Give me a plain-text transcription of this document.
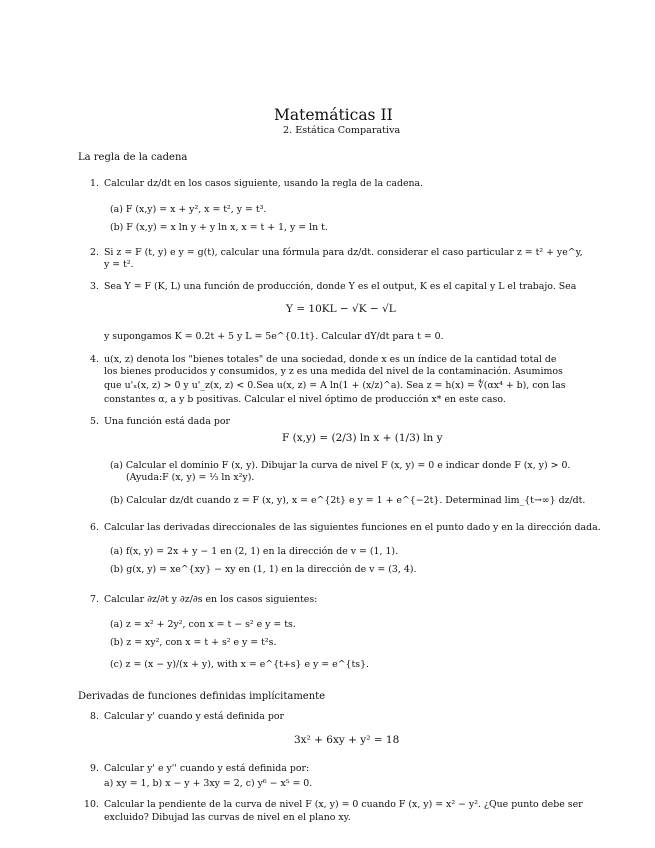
Matemáticas II
2. Estática Comparativa
La regla de la cadena
1. Calcular dz/dt en los casos siguiente, usando la regla de la cadena.
(a) F (x,y) = x + y², x = t², y = t³.
(b) F (x,y) = x ln y + y ln x, x = t + 1, y = ln t.
2. Si z = F (t, y) e y = g(t), calcular una fórmula para dz/dt. considerar el caso particular z = t² + ye^y,
y = t².
3. Sea Y = F (K, L) una función de producción, donde Y es el output, K es el capital y L el trabajo. Sea
Y = 10KL − √K − √L
y supongamos K = 0.2t + 5 y L = 5e^{0.1t}. Calcular dY/dt para t = 0.
4. u(x, z) denota los "bienes totales" de una sociedad, donde x es un índice de la cantidad total de
los bienes producidos y consumidos, y z es una medida del nivel de la contaminación. Asumimos
que u'ₓ(x, z) > 0 y u'_z(x, z) < 0.Sea u(x, z) = A ln(1 + (x/z)^a). Sea z = h(x) = ∜(αx⁴ + b), con las
constantes α, a y b positivas. Calcular el nivel óptimo de producción x* en este caso.
5. Una función está dada por
F (x,y) = (2/3) ln x + (1/3) ln y
(a) Calcular el dominio F (x, y). Dibujar la curva de nivel F (x, y) = 0 e indicar donde F (x, y) > 0.
(Ayuda:F (x, y) = ⅓ ln x²y).
(b) Calcular dz/dt cuando z = F (x, y), x = e^{2t} e y = 1 + e^{−2t}. Determinad lim_{t→∞} dz/dt.
6. Calcular las derivadas direccionales de las siguientes funciones en el punto dado y en la dirección dada.
(a) f(x, y) = 2x + y − 1 en (2, 1) en la dirección de v = (1, 1).
(b) g(x, y) = xe^{xy} − xy en (1, 1) en la dirección de v = (3, 4).
7. Calcular ∂z/∂t y ∂z/∂s en los casos siguientes:
(a) z = x² + 2y², con x = t − s² e y = ts.
(b) z = xy², con x = t + s² e y = t²s.
(c) z = (x − y)/(x + y), with x = e^{t+s} e y = e^{ts}.
Derivadas de funciones definidas implícitamente
8. Calcular y' cuando y está definida por
3x² + 6xy + y² = 18
9. Calcular y' e y'' cuando y está definida por:
a) xy = 1, b) x − y + 3xy = 2, c) y⁶ − x⁵ = 0.
10. Calcular la pendiente de la curva de nivel F (x, y) = 0 cuando F (x, y) = x² − y². ¿Que punto debe ser
excluido? Dibujad las curvas de nivel en el plano xy.
